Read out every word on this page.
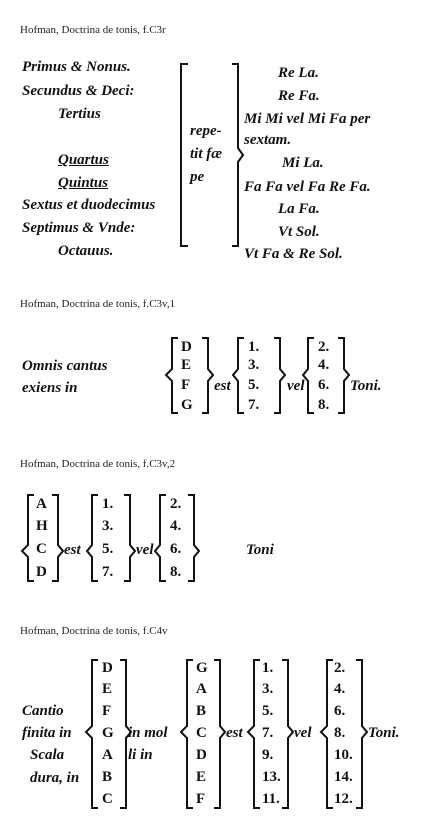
Hofman, Doctrina de tonis, f.C3r
Hofman, Doctrina de tonis, f.C3v,1
Hofman, Doctrina de tonis, f.C3v,2
Hofman, Doctrina de tonis, f.C4v
Primus & Nonus.
Secundus & Deci:
Tertius
Quartus
Quintus
Sextus et duodecimus
Septimus & Vnde:
Octauus.
repe-
tit fæ
pe
Re La.
Re Fa.
Mi Mi vel Mi Fa per
sextam.
Mi La.
Fa Fa vel Fa Re Fa.
La Fa.
Vt Sol.
Vt Fa & Re Sol.
Omnis cantus
exiens in
D
E
F
G
est
1.
3.
5.
7.
vel
2.
4.
6.
8.
Toni.
A
H
C
D
est
1.
3.
5.
7.
vel
2.
4.
6.
8.
Toni
Cantio
finita in
Scala
dura, in
D
E
F
G
A
B
C
in mol
li in
G
A
B
C
D
E
F
est
1.
3.
5.
7.
9.
13.
11.
vel
2.
4.
6.
8.
10.
14.
12.
Toni.
